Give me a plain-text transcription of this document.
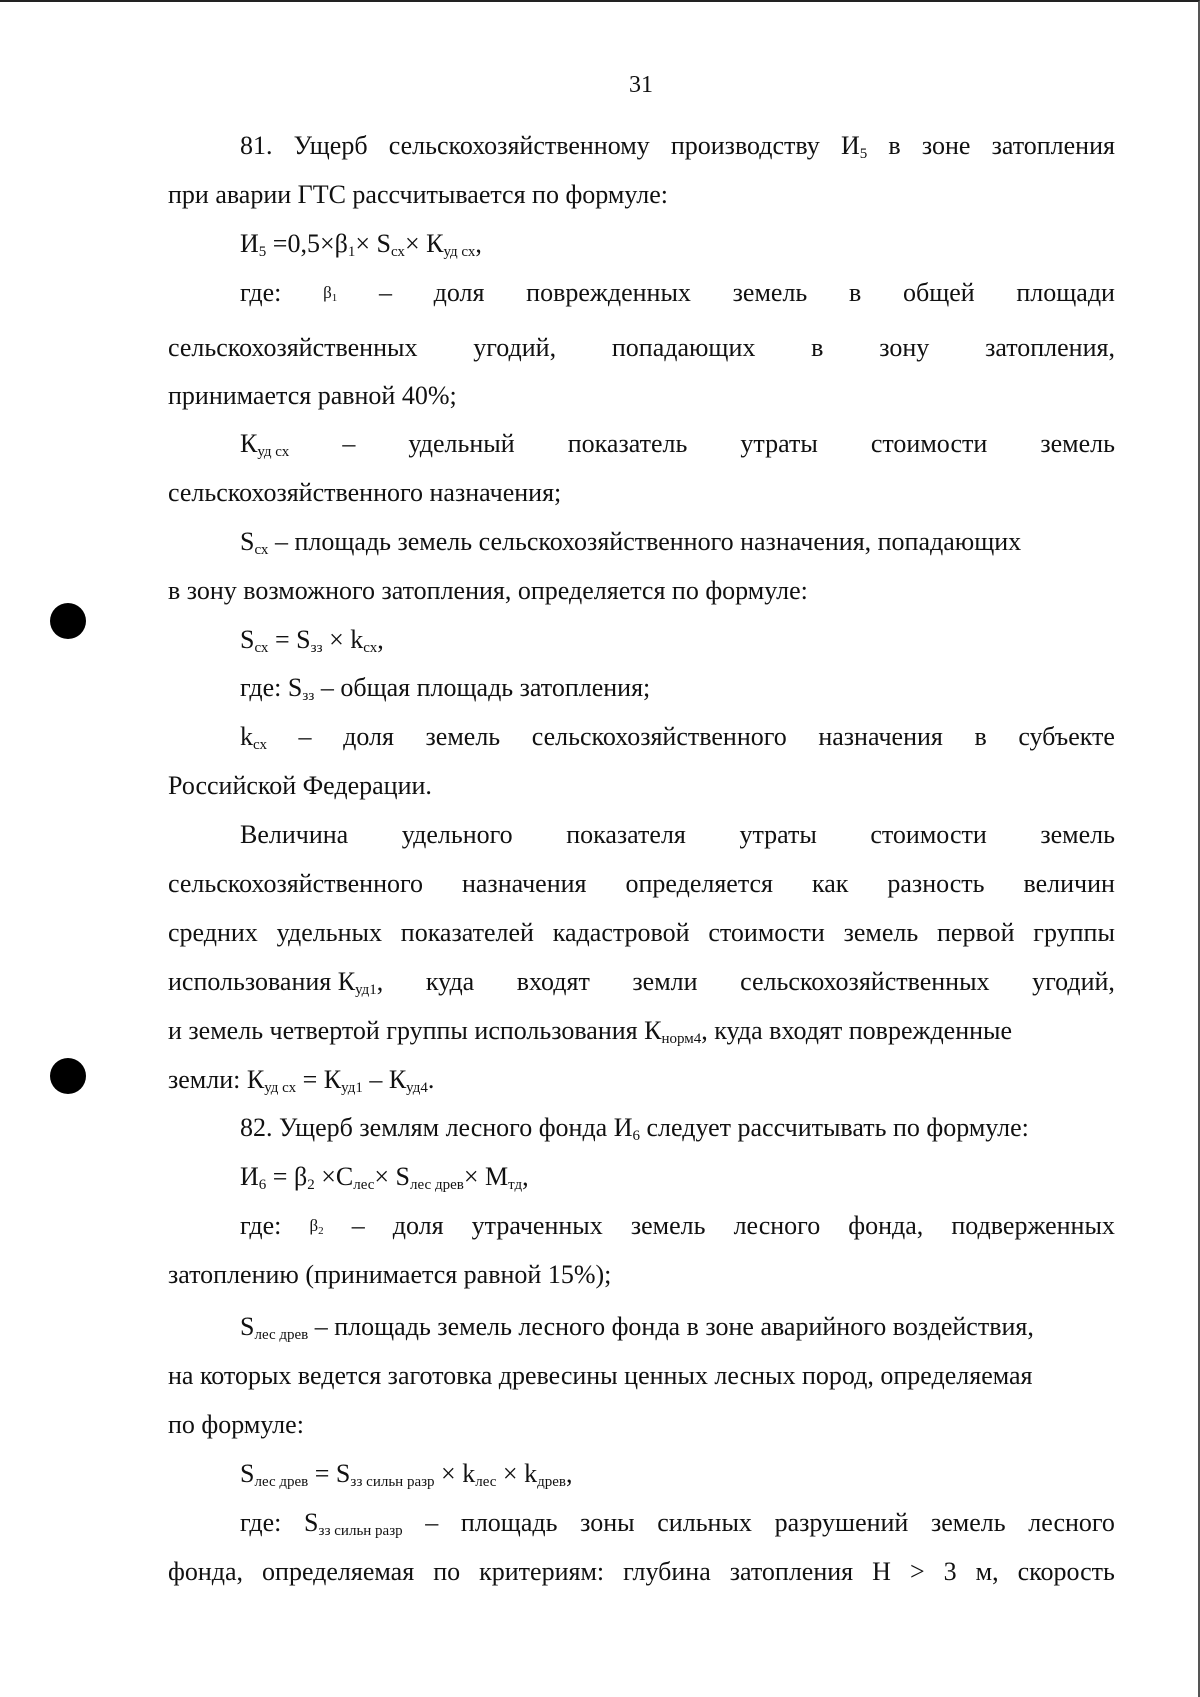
31
81. Ущерб сельскохозяйственному производству $И_5$ в зоне затопления
при аварии ГТС рассчитывается по формуле:
$И_5 =0,5\times\beta_1\times S_{сх}\times К_{уд сх}$,
где: $\beta_1$ – доля поврежденных земель в общей площади
сельскохозяйственных угодий, попадающих в зону затопления,
принимается равной 40%;
$К_{уд сх}$ – удельный показатель утраты стоимости земель
сельскохозяйственного назначения;
$S_{сх}$ – площадь земель сельскохозяйственного назначения, попадающих
в зону возможного затопления, определяется по формуле:
$S_{сх} = S_{зз} \times k_{сх}$,
где: $S_{зз}$ – общая площадь затопления;
$k_{сх}$ – доля земель сельскохозяйственного назначения в субъекте
Российской Федерации.
Величина удельного показателя утраты стоимости земель
сельскохозяйственного назначения определяется как разность величин
средних удельных показателей кадастровой стоимости земель первой группы
использования $К_{уд1}$, куда входят земли сельскохозяйственных угодий,
и земель четвертой группы использования $К_{норм4}$, куда входят поврежденные
земли: $К_{уд сх} = К_{уд1} - К_{уд4}$.
82. Ущерб землям лесного фонда $И_6$ следует рассчитывать по формуле:
$И_6 = \beta_2 \times С_{лес}\times S_{лес древ}\times М_{тд}$,
где: $\beta_2$ – доля утраченных земель лесного фонда, подверженных
затоплению (принимается равной 15%);
$S_{лес древ}$ – площадь земель лесного фонда в зоне аварийного воздействия,
на которых ведется заготовка древесины ценных лесных пород, определяемая
по формуле:
$S_{лес древ} = S_{зз сильн разр} \times k_{лес} \times k_{древ}$,
где: $S_{зз сильн разр}$ – площадь зоны сильных разрушений земель лесного
фонда, определяемая по критериям: глубина затопления H > 3 м, скорость
